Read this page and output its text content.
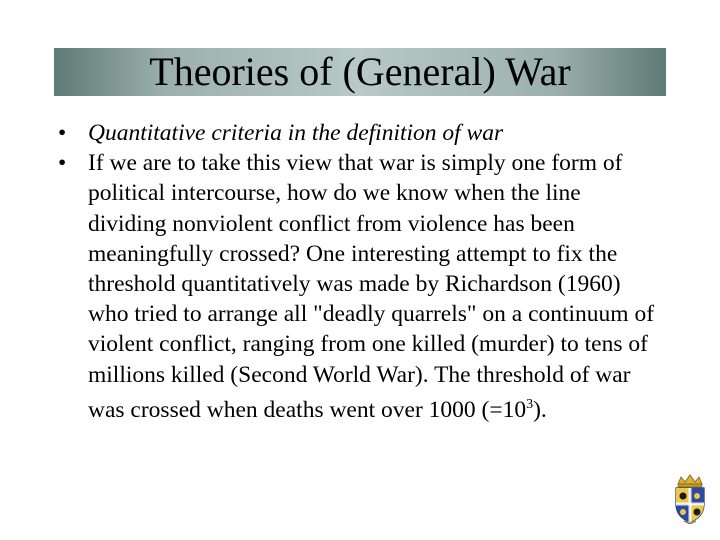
Theories of (General) War
• Quantitative criteria in the definition of war
• If we are to take this view that war is simply one form of political intercourse, how do we know when the line dividing nonviolent conflict from violence has been meaningfully crossed? One interesting attempt to fix the threshold quantitatively was made by Richardson (1960) who tried to arrange all "deadly quarrels" on a continuum of violent conflict, ranging from one killed (murder) to tens of millions killed (Second World War). The threshold of war was crossed when deaths went over 1000 $(=10^3)$.
